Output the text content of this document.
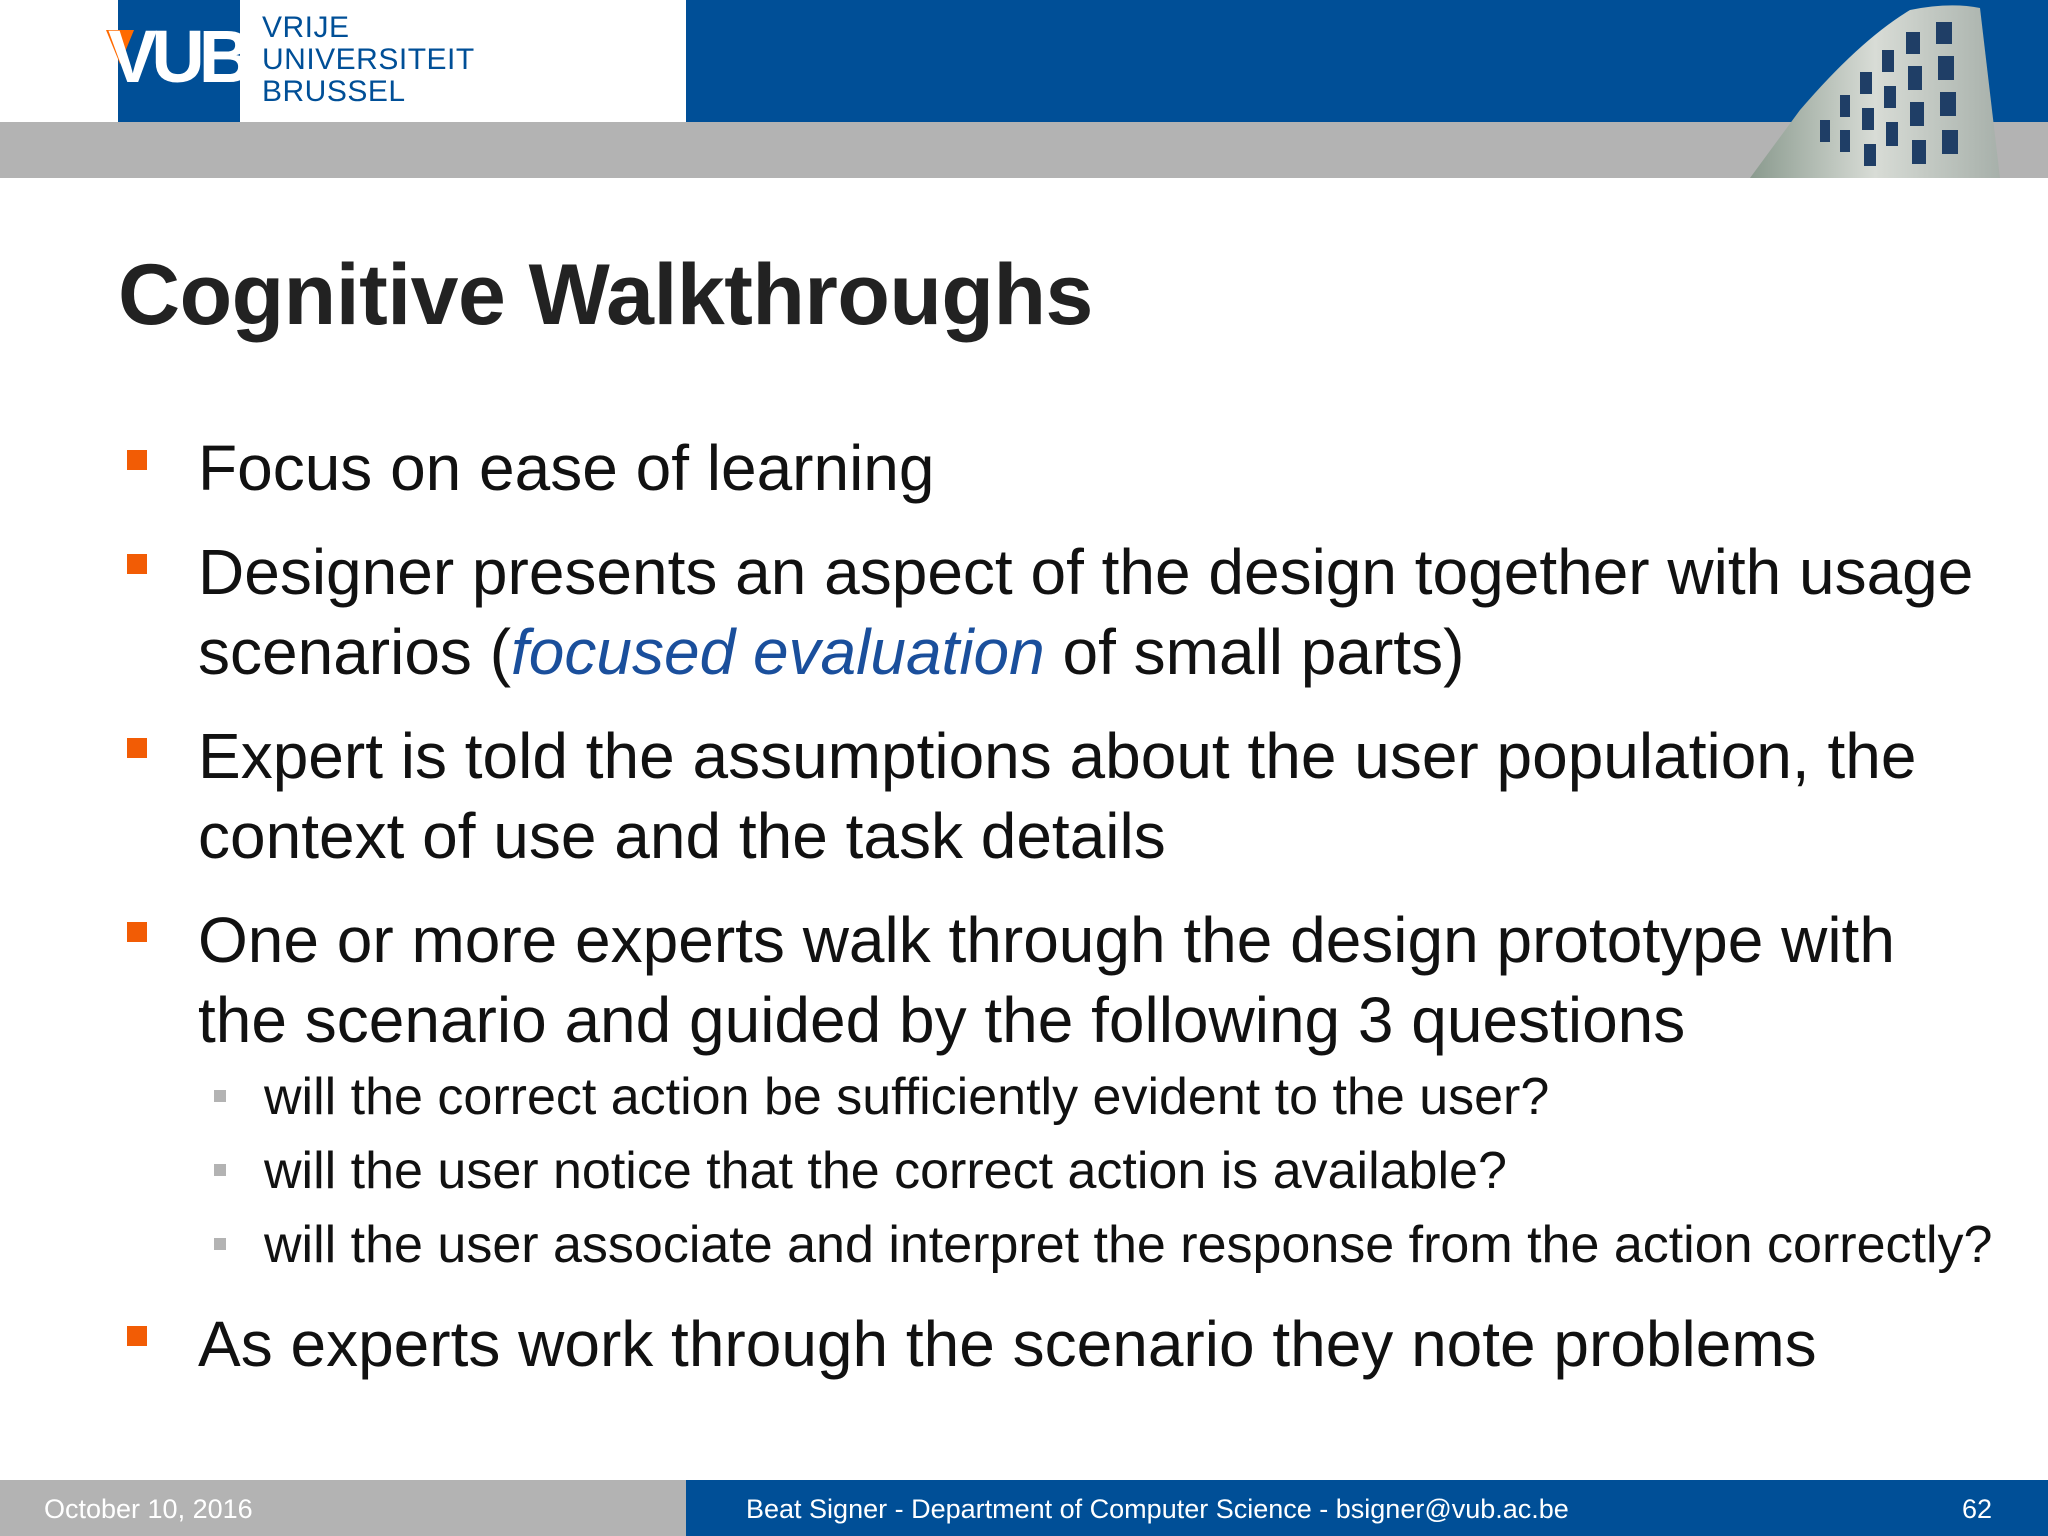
VUB VRIJE
UNIVERSITEIT
BRUSSEL
Cognitive Walkthroughs
Focus on ease of learning
Designer presents an aspect of the design together with usage scenarios (focused evaluation of small parts)
Expert is told the assumptions about the user population, the context of use and the task details
One or more experts walk through the design prototype with the scenario and guided by the following 3 questions
will the correct action be sufficiently evident to the user?
will the user notice that the correct action is available?
will the user associate and interpret the response from the action correctly?
As experts work through the scenario they note problems
October 10, 2016	Beat Signer - Department of Computer Science - bsigner@vub.ac.be	62
